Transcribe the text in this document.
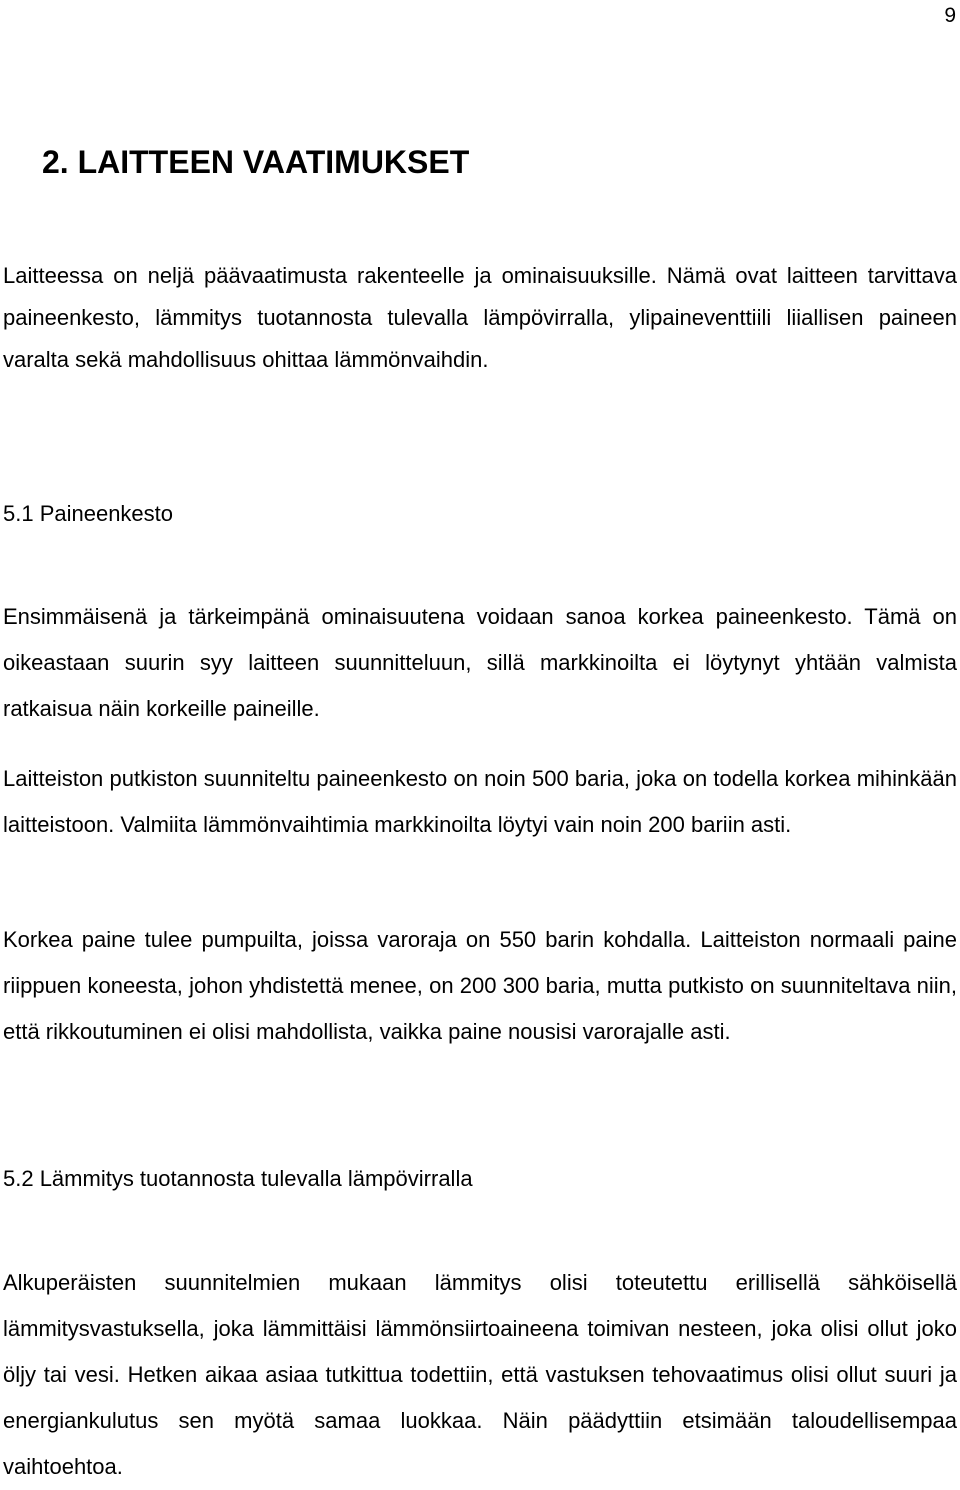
9
2. LAITTEEN VAATIMUKSET

Laitteessa on neljä päävaatimusta rakenteelle ja ominaisuuksille. Nämä ovat laitteen tarvittava paineenkesto, lämmitys tuotannosta tulevalla lämpövirralla, ylipaineventtiili liiallisen paineen varalta sekä mahdollisuus ohittaa lämmönvaihdin.

5.1 Paineenkesto

Ensimmäisenä ja tärkeimpänä ominaisuutena voidaan sanoa korkea paineenkesto. Tämä on oikeastaan suurin syy laitteen suunnitteluun, sillä markkinoilta ei löytynyt yhtään valmista ratkaisua näin korkeille paineille.

Laitteiston putkiston suunniteltu paineenkesto on noin 500 baria, joka on todella korkea mihinkään laitteistoon. Valmiita lämmönvaihtimia markkinoilta löytyi vain noin 200 bariin asti.

Korkea paine tulee pumpuilta, joissa varoraja on 550 barin kohdalla. Laitteiston normaali paine riippuen koneesta, johon yhdistettä menee, on 200 300 baria, mutta putkisto on suunniteltava niin, että rikkoutuminen ei olisi mahdollista, vaikka paine nousisi varorajalle asti.

5.2 Lämmitys tuotannosta tulevalla lämpövirralla

Alkuperäisten suunnitelmien mukaan lämmitys olisi toteutettu erillisellä sähköisellä lämmitysvastuksella, joka lämmittäisi lämmönsiirtoaineena toimivan nesteen, joka olisi ollut joko öljy tai vesi. Hetken aikaa asiaa tutkittua todettiin, että vastuksen tehovaatimus olisi ollut suuri ja energiankulutus sen myötä samaa luokkaa. Näin päädyttiin etsimään taloudellisempaa vaihtoehtoa.
